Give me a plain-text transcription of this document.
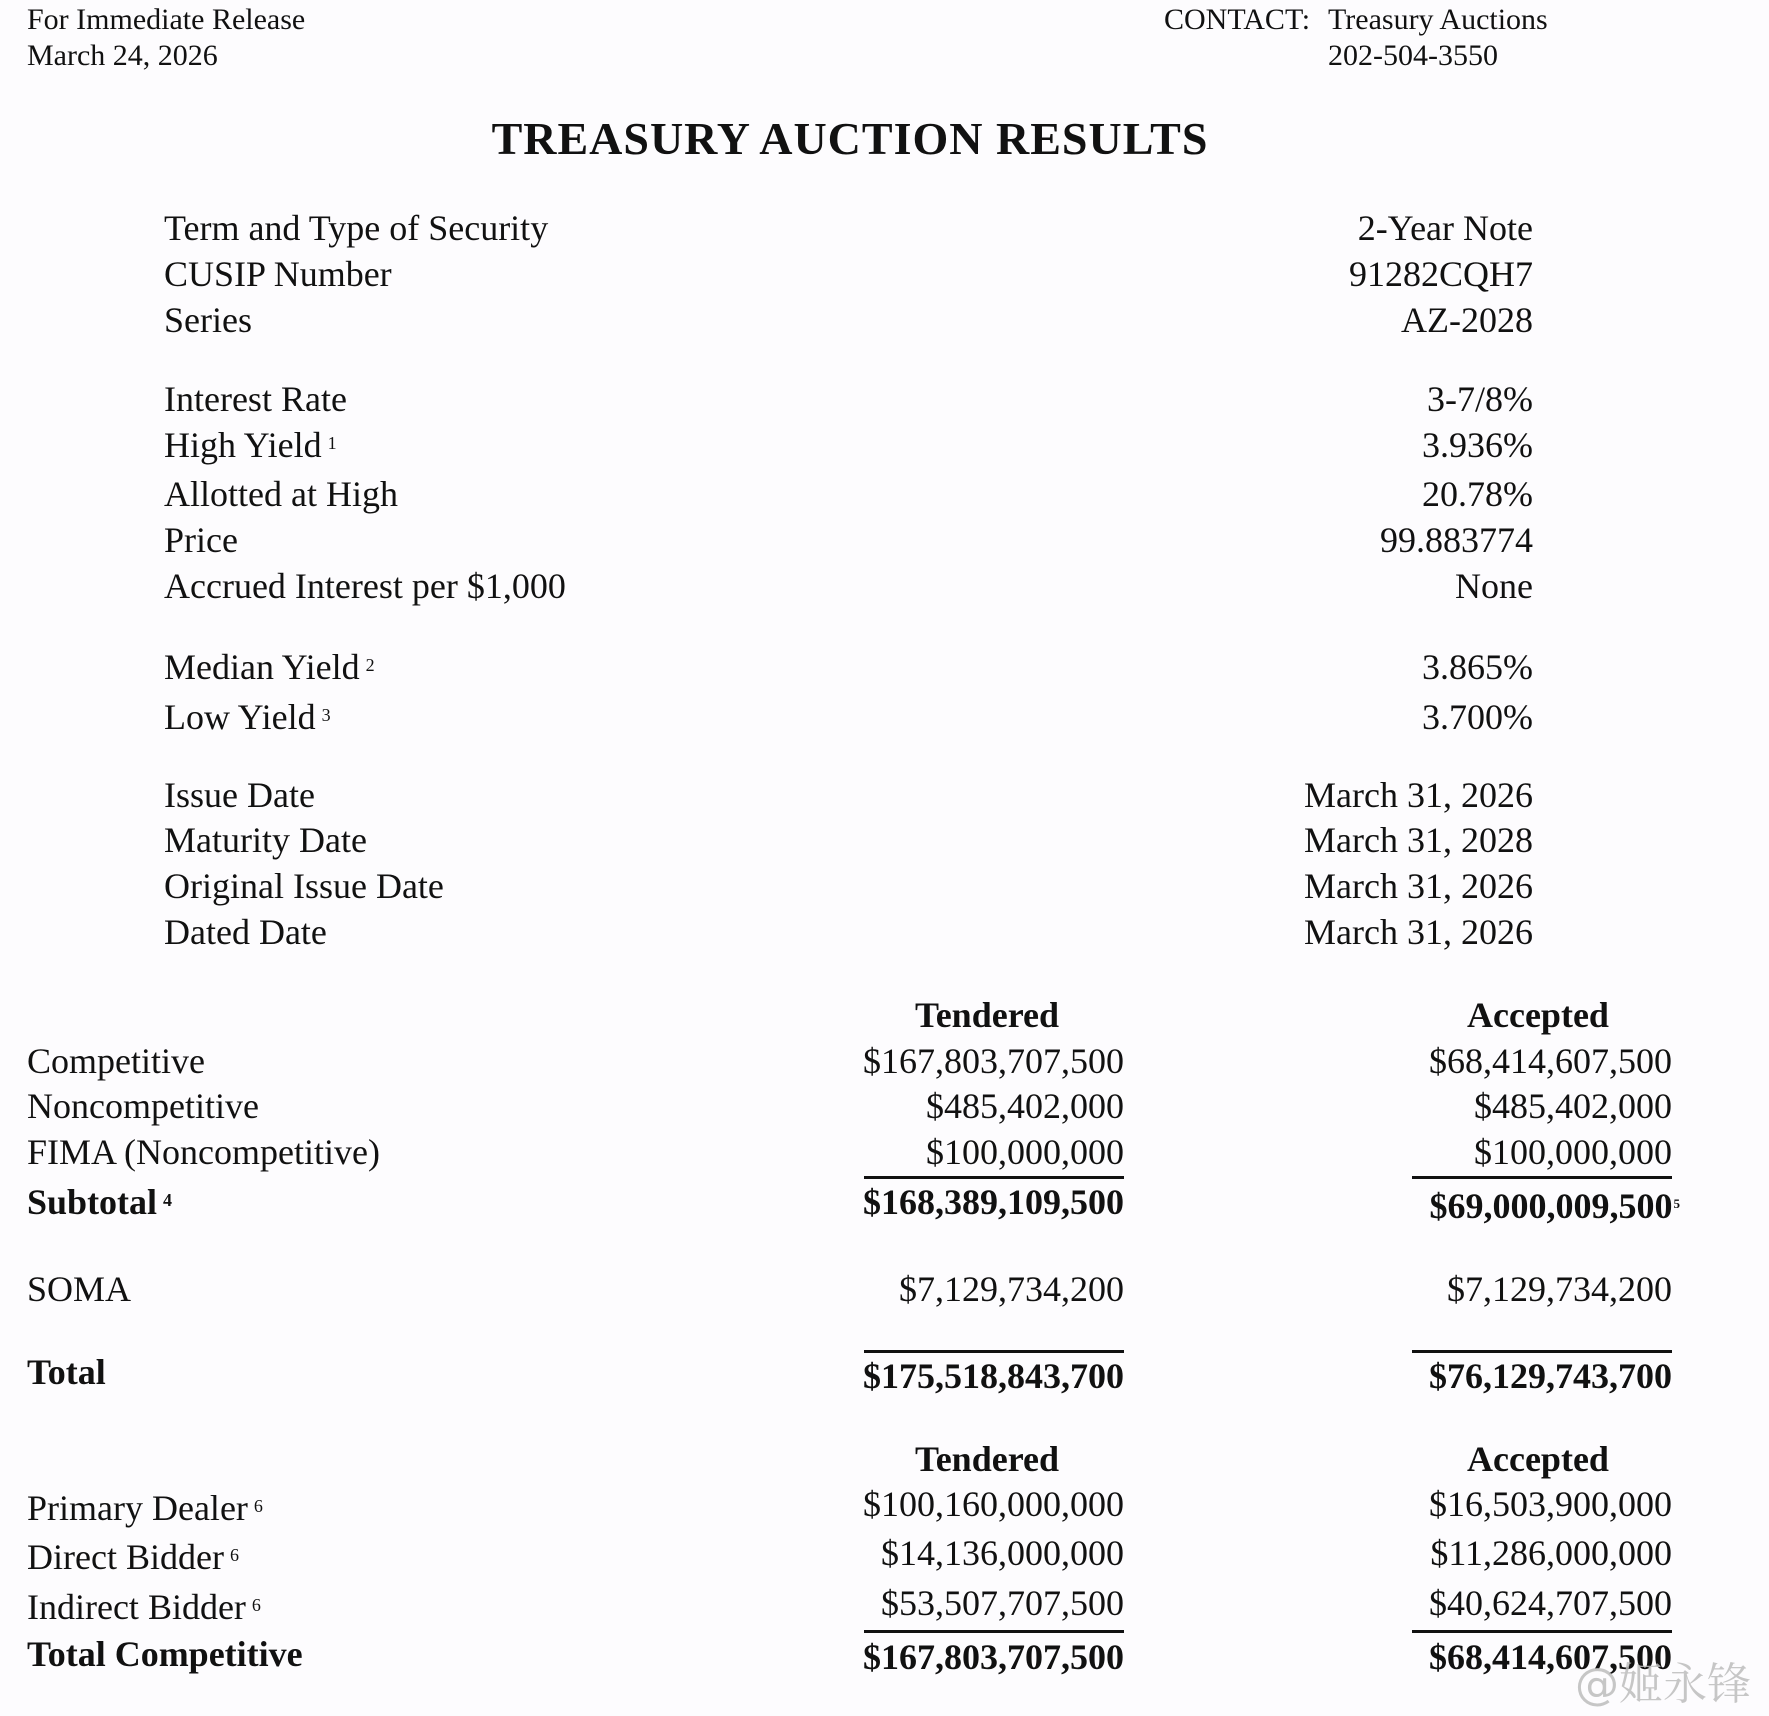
For Immediate Release
March 24, 2026
CONTACT: Treasury Auctions
202-504-3550
TREASURY AUCTION RESULTS
Term and Type of Security	2-Year Note
CUSIP Number	91282CQH7
Series	AZ-2028
Interest Rate	3-7/8%
High Yield $^1$	3.936%
Allotted at High	20.78%
Price	99.883774
Accrued Interest per $1,000	None
Median Yield $^2$	3.865%
Low Yield $^3$	3.700%
Issue Date	March 31, 2026
Maturity Date	March 31, 2028
Original Issue Date	March 31, 2026
Dated Date	March 31, 2026
Tendered	Accepted
Competitive	$167,803,707,500	$68,414,607,500
Noncompetitive	$485,402,000	$485,402,000
FIMA (Noncompetitive)	$100,000,000	$100,000,000
Subtotal $^4$	$168,389,109,500	$69,000,009,500$^5$
SOMA	$7,129,734,200	$7,129,734,200
Total	$175,518,843,700	$76,129,743,700
Tendered	Accepted
Primary Dealer $^6$	$100,160,000,000	$16,503,900,000
Direct Bidder $^6$	$14,136,000,000	$11,286,000,000
Indirect Bidder $^6$	$53,507,707,500	$40,624,707,500
Total Competitive	$167,803,707,500	$68,414,607,500
@姬永锋
